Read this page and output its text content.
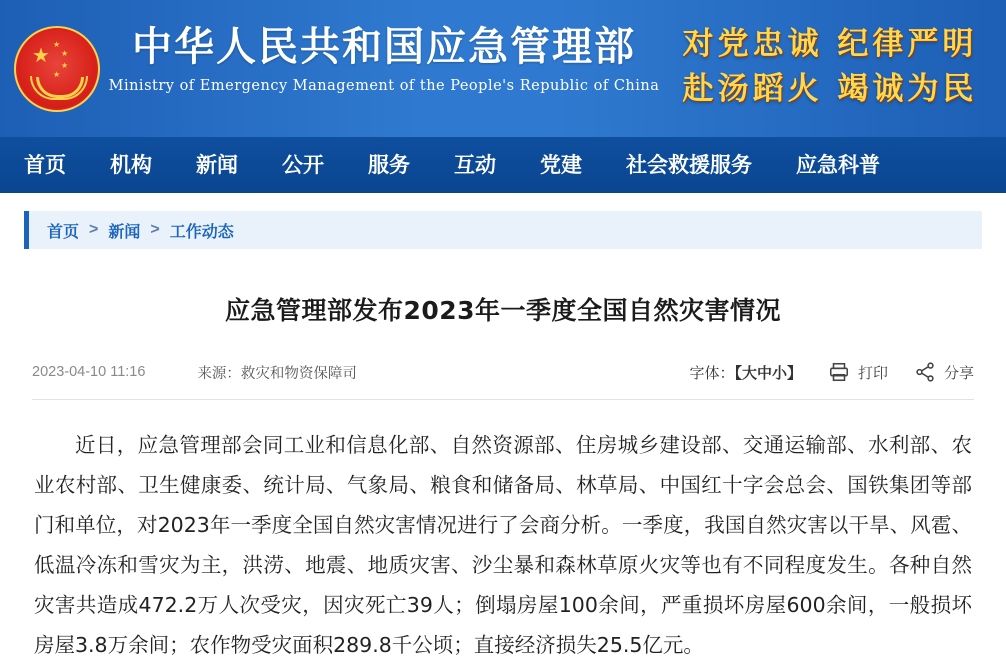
★
★
★
★
★
中华人民共和国应急管理部
Ministry of Emergency Management of the People's Republic of China
对党忠诚 纪律严明
赴汤蹈火 竭诚为民
首页	机构	新闻	公开	服务	互动	党建	社会救援服务	应急科普
首页 > 新闻 > 工作动态
应急管理部发布2023年一季度全国自然灾害情况
2023-04-10 11:16	来源：救灾和物资保障司	字体：【大中小】	打印	分享
近日，应急管理部会同工业和信息化部、自然资源部、住房城乡建设部、交通运输部、水利部、农业农村部、卫生健康委、统计局、气象局、粮食和储备局、林草局、中国红十字会总会、国铁集团等部门和单位，对2023年一季度全国自然灾害情况进行了会商分析。一季度，我国自然灾害以干旱、风雹、低温冷冻和雪灾为主，洪涝、地震、地质灾害、沙尘暴和森林草原火灾等也有不同程度发生。各种自然灾害共造成472.2万人次受灾，因灾死亡39人；倒塌房屋100余间，严重损坏房屋600余间，一般损坏房屋3.8万余间；农作物受灾面积289.8千公顷；直接经济损失25.5亿元。
